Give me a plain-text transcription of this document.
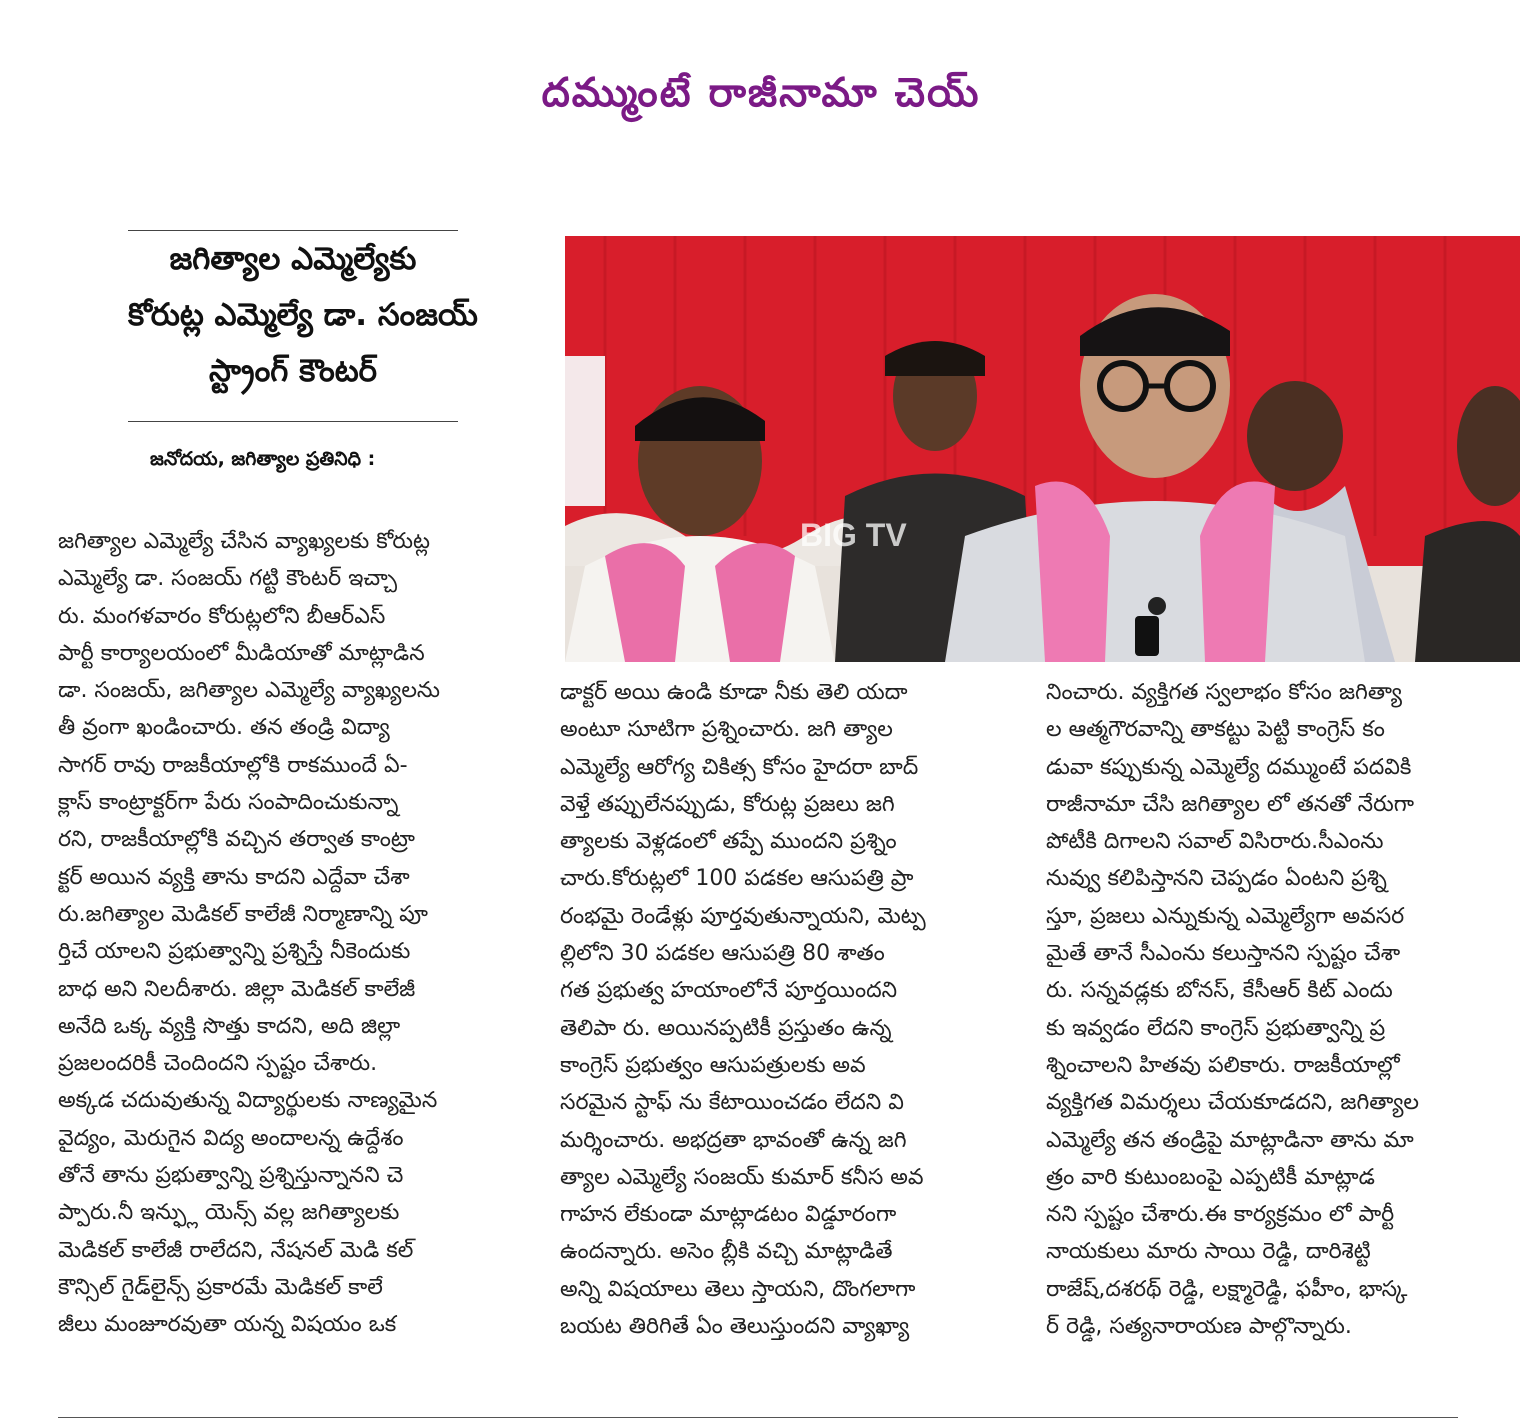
దమ్ముంటే రాజీనామా చెయ్
జగిత్యాల ఎమ్మెల్యేకు
కోరుట్ల ఎమ్మెల్యే డా. సంజయ్
స్ట్రాంగ్ కౌంటర్
జనోదయ, జగిత్యాల ప్రతినిధి :
జగిత్యాల ఎమ్మెల్యే చేసిన వ్యాఖ్యలకు కోరుట్ల
ఎమ్మెల్యే డా. సంజయ్ గట్టి కౌంటర్ ఇచ్చా
రు. మంగళవారం కోరుట్లలోని బీఆర్ఎస్
పార్టీ కార్యాలయంలో మీడియాతో మాట్లాడిన
డా. సంజయ్, జగిత్యాల ఎమ్మెల్యే వ్యాఖ్యలను
తీ వ్రంగా ఖండించారు. తన తండ్రి విద్యా
సాగర్ రావు రాజకీయాల్లోకి రాకముందే ఏ-
క్లాస్ కాంట్రాక్టర్‌గా పేరు సంపాదించుకున్నా
రని, రాజకీయాల్లోకి వచ్చిన తర్వాత కాంట్రా
క్టర్ అయిన వ్యక్తి తాను కాదని ఎద్దేవా చేశా
రు.జగిత్యాల మెడికల్ కాలేజీ నిర్మాణాన్ని పూ
ర్తిచే యాలని ప్రభుత్వాన్ని ప్రశ్నిస్తే నీకెందుకు
బాధ అని నిలదీశారు. జిల్లా మెడికల్ కాలేజీ
అనేది ఒక్క వ్యక్తి సొత్తు కాదని, అది జిల్లా
ప్రజలందరికీ చెందిందని స్పష్టం చేశారు.
అక్కడ చదువుతున్న విద్యార్థులకు నాణ్యమైన
వైద్యం, మెరుగైన విద్య అందాలన్న ఉద్దేశం
తోనే తాను ప్రభుత్వాన్ని ప్రశ్నిస్తున్నానని చె
ప్పారు.నీ ఇన్ఫ్లు యెన్స్ వల్ల జగిత్యాలకు
మెడికల్ కాలేజీ రాలేదని, నేషనల్ మెడి కల్
కౌన్సిల్ గైడ్‌లైన్స్ ప్రకారమే మెడికల్ కాలే
జీలు మంజూరవుతా యన్న విషయం ఒక
డాక్టర్ అయి ఉండి కూడా నీకు తెలి యదా
అంటూ సూటిగా ప్రశ్నించారు. జగి త్యాల
ఎమ్మెల్యే ఆరోగ్య చికిత్స కోసం హైదరా బాద్
వెళ్తే తప్పులేనప్పుడు, కోరుట్ల ప్రజలు జగి
త్యాలకు వెళ్లడంలో తప్పే ముందని ప్రశ్నిం
చారు.కోరుట్లలో 100 పడకల ఆసుపత్రి ప్రా
రంభమై రెండేళ్లు పూర్తవుతున్నాయని, మెట్ప
ల్లిలోని 30 పడకల ఆసుపత్రి 80 శాతం
గత ప్రభుత్వ హయాంలోనే పూర్తయిందని
తెలిపా రు. అయినప్పటికీ ప్రస్తుతం ఉన్న
కాంగ్రెస్ ప్రభుత్వం ఆసుపత్రులకు అవ
సరమైన స్టాఫ్ ను కేటాయించడం లేదని వి
మర్శించారు. అభద్రతా భావంతో ఉన్న జగి
త్యాల ఎమ్మెల్యే సంజయ్ కుమార్ కనీస అవ
గాహన లేకుండా మాట్లాడటం విడ్డూరంగా
ఉందన్నారు. అసెం బ్లీకి వచ్చి మాట్లాడితే
అన్ని విషయాలు తెలు స్తాయని, దొంగలాగా
బయట తిరిగితే ఏం తెలుస్తుందని వ్యాఖ్యా
నించారు. వ్యక్తిగత స్వలాభం కోసం జగిత్యా
ల ఆత్మగౌరవాన్ని తాకట్టు పెట్టి కాంగ్రెస్ కం
డువా కప్పుకున్న ఎమ్మెల్యే దమ్ముంటే పదవికి
రాజీనామా చేసి జగిత్యాల లో తనతో నేరుగా
పోటీకి దిగాలని సవాల్ విసిరారు.సీఎంను
నువ్వు కలిపిస్తానని చెప్పడం ఏంటని ప్రశ్ని
స్తూ, ప్రజలు ఎన్నుకున్న ఎమ్మెల్యేగా అవసర
మైతే తానే సీఎంను కలుస్తానని స్పష్టం చేశా
రు. సన్నవడ్లకు బోనస్, కేసీఆర్ కిట్ ఎందు
కు ఇవ్వడం లేదని కాంగ్రెస్ ప్రభుత్వాన్ని ప్ర
శ్నించాలని హితవు పలికారు. రాజకీయాల్లో
వ్యక్తిగత విమర్శలు చేయకూడదని, జగిత్యాల
ఎమ్మెల్యే తన తండ్రిపై మాట్లాడినా తాను మా
త్రం వారి కుటుంబంపై ఎప్పటికీ మాట్లాడ
నని స్పష్టం చేశారు.ఈ కార్యక్రమం లో పార్టీ
నాయకులు మారు సాయి రెడ్డి, దారిశెట్టి
రాజేష్,దశరథ్ రెడ్డి, లక్ష్మారెడ్డి, ఫహీం, భాస్క
ర్ రెడ్డి, సత్యనారాయణ పాల్గొన్నారు.
BIG TV
